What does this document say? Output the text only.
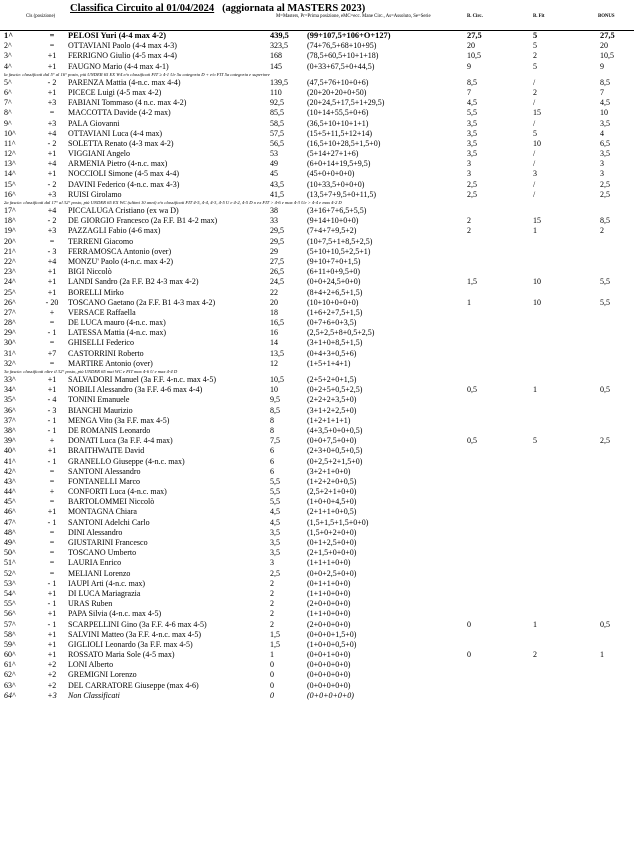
Classifica Circuito al 01/04/2024 (aggiornata al MASTERS 2023)
Cls (posizione)	M=Masters, Pr=Prima posizione, eMC=ecc. Mane Circ., As=Assoluto, Se=Serie	B. Circ.	B. Fit	BONUS
1^	=	PELOSI Yuri (4-4 max 4-2)	439,5 (99+107,5+106+O+127)	27,5	5	27,5
2^	=	OTTAVIANI Paolo (4-4 max 4-3)	323,5 (74+76,5+68+10+95)	20	5	20
3^	+1	FERRIGNO Giulio (4-5 max 4-4)	168	(78,5+60,5+10+1+18)	10,5	2	10,5
4^	+1	FAUGNO Mario (4-4 max 4-1)	145	(0+33+67,5+0+44,5)	9	5	9
la fascia: classificati dal 5° al 16° posto, più UNDER 65 EX W4 e/o classificati FIT ≥ 4-1 Ue 5u categoria D + e/o FIT 5a categoria e superiore
5^	- 2	PARENZA Mattia (4-n.c. max 4-4)	139,5 (47,5+76+10+0+6)	8,5	/	8,5
6^	+1	PICECE Luigi (4-5 max 4-2)	110	(20+20+20+0+50)	7	2	7
7^	+3	FABIANI Tommaso (4 n.c. max 4-2)	92,5	(20+24,5+17,5+1+29,5)	4,5	/	4,5
8^	=	MACCOTTA Davide (4-2 max)	85,5	(10+14+55,5+0+6)	5,5	15	10
9^	+3	PALA Giovanni	58,5	(36,5+10+10+1+1)	3,5	/	3,5
10^	+4	OTTAVIANI Luca (4-4 max)	57,5	(15+5+11,5+12+14)	3,5	5	4
11^	- 2	SOLETTA Renato (4-3 max 4-2)	56,5	(16,5+10+28,5+1,5+0)	3,5	10	6,5
12^	+1	VIGGIANI Angelo	53	(5+14+27+1+6)	3,5	/	3,5
13^	+4	ARMENIA Pietro (4-n.c. max)	49	(6+0+14+19,5+9,5)	3	/	3
14^	+1	NOCCIOLI Simone (4-5 max 4-4)	45	(45+0+0+0+0)	3	3	3
15^	- 2	DAVINI Federico (4-n.c. max 4-3)	43,5	(10+33,5+0+0+0)	2,5	/	2,5
16^	+3	RUISI Girolamo	41,5	(13,5+7+9,5+0+11,5)	2,5	/	2,5
2a fascia: classificati dal 17° al 32° posto, più UNDER 65 EX WC (ultimi 10 anni) e/o classificati FIT 4-5, 4-4, 4-3, 4-5 U e 4-2, 4-5 D o ex FIT > 4-6 e max 4-3 Ue > 4-4 e max 4-2 D
17^	+4	PICCALUGA Cristiano (ex wa D)	38	(3+16+7+6,5+5,5)
18^	- 2	DE GIORGIO Francesco (2a F.F. B1 4-2 max)	33	(9+14+10+0+0)	2	15	8,5
19^	+3	PAZZAGLI Fabio (4-6 max)	29,5	(7+4+7+9,5+2)	2	1	2
20^	=	TERRENI Giacomo	29,5	(10+7,5+1+8,5+2,5)
21^	- 3	FERRAMOSCA Antonio (over)	29	(5+10+10,5+2,5+1)
22^	+4	MONZU' Paolo (4-n.c. max 4-2)	27,5	(9+10+7+0+1,5)
23^	+1	BIGI Niccolò	26,5	(6+11+0+9,5+0)
24^	+1	LANDI Sandro (2a F.F. B2 4-3 max 4-2)	24,5	(0+0+24,5+0+0)	1,5	10	5,5
25^	+1	BORELLI Mirko	22	(8+4+2+6,5+1,5)
26^	- 20	TOSCANO Gaetano (2a F.F. B1 4-3 max 4-2)	20	(10+10+0+0+0)	1	10	5,5
27^	+	VERSACE Raffaella	18	(1+6+2+7,5+1,5)
28^	=	DE LUCA mauro (4-n.c. max)	16,5	(0+7+6+0+3,5)
29^	- 1	LATESSA Mattia (4-n.c. max)	16	(2,5+2,5+8+0,5+2,5)
30^	=	GHISELLI Federico	14	(3+1+0+8,5+1,5)
31^	+7	CASTORRINI Roberto	13,5	(0+4+3+0,5+6)
32^	=	MARTIRE Antonio (over)	12	(1+5+1+4+1)
3a fascia: classificati oltre il 32° posto, più UNDER 65 mai WC e FIT max 4-6 U e max 4-4 D
33^	+1	SALVADORI Manuel (3a F.F. 4-n.c. max 4-5)	10,5	(2+5+2+0+1,5)
34^	+1	NOBILI Alessandro (3a F.F. 4-6 max 4-4)	10	(0+2+5+0,5+2,5)	0,5	1	0,5
35^	- 4	TONINI Emanuele	9,5	(2+2+2+3,5+0)
36^	- 3	BIANCHI Maurizio	8,5	(3+1+2+2,5+0)
37^	- 1	MENGA Vito (3a F.F. max 4-5)	8	(1+2+1+1+1)
38^	- 1	DE ROMANIS Leonardo	8	(4+3,5+0+0+0,5)
39^	+	DONATI Luca (3a F.F. 4-4 max)	7,5	(0+0+7,5+0+0)	0,5	5	2,5
40^	+1	BRAITHWAITE David	6	(2+3+0+0,5+0,5)
41^	- 1	GRANELLO Giuseppe (4-n.c. max)	6	(0+2,5+2+1,5+0)
42^	=	SANTONI Alessandro	6	(3+2+1+0+0)
43^	=	FONTANELLI Marco	5,5	(1+2+2+0+0,5)
44^	+	CONFORTI Luca (4-n.c. max)	5,5	(2,5+2+1+0+0)
45^	=	BARTOLOMMEI Niccolò	5,5	(1+0+0+4,5+0)
46^	+1	MONTAGNA Chiara	4,5	(2+1+1+0+0,5)
47^	- 1	SANTONI Adelchi Carlo	4,5	(1,5+1,5+1,5+0+0)
48^	=	DINI Alessandro	3,5	(1,5+0+2+0+0)
49^	=	GIUSTARINI Francesco	3,5	(0+1+2,5+0+0)
50^	=	TOSCANO Umberto	3,5	(2+1,5+0+0+0)
51^	=	LAURIA Enrico	3	(1+1+1+0+0)
52^	=	MELIANI Lorenzo	2,5	(0+0+2,5+0+0)
53^	- 1	IAUPI Arti (4-n.c. max)	2	(0+1+1+0+0)
54^	+1	DI LUCA Mariagrazia	2	(1+1+0+0+0)
55^	- 1	URAS Ruben	2	(2+0+0+0+0)
56^	+1	PAPA Silvia (4-n.c. max 4-5)	2	(1+1+0+0+0)
57^	- 1	SCARPELLINI Gino (3a F.F. 4-6 max 4-5)	2	(2+0+0+0+0)	0	1	0,5
58^	+1	SALVINI Matteo (3a F.F. 4-n.c. max 4-5)	1,5	(0+0+0+1,5+0)
59^	+1	GIGLIOLI Leonardo (3a F.F. max 4-5)	1,5	(1+0+0+0,5+0)
60^	+1	ROSSATO Maria Sole (4-5 max)	1	(0+0+1+0+0)	0	2	1
61^	+2	LONI Alberto	0	(0+0+0+0+0)
62^	+2	GREMIGNI Lorenzo	0	(0+0+0+0+0)
63^	+2	DEL CARRATORE Giuseppe (max 4-6)	0	(0+0+0+0+0)
64^	+3	Non Classificati	0	(0+0+0+0+0)
